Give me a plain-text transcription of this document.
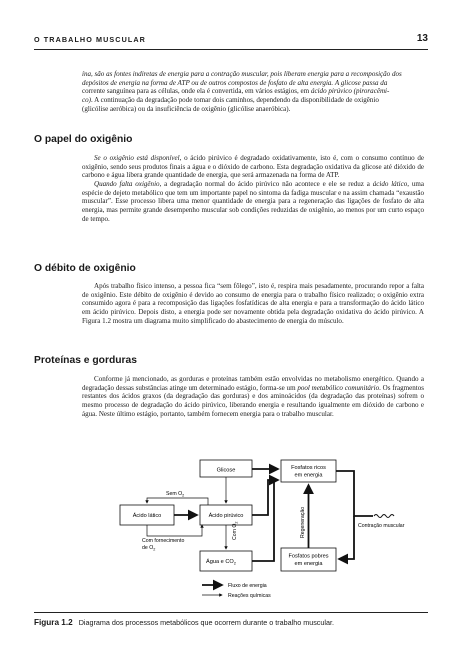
O TRABALHO MUSCULAR	13
ína, são as fontes indiretas de energia para a contração muscular, pois liberam energia para a recomposição dos
depósitos de energia na forma de ATP ou de outros compostos de fosfato de alta energia. A glicose passa da
corrente sanguínea para as células, onde ela é convertida, em vários estágios, em ácido pirúvico (piroracêmi-
co). A continuação da degradação pode tomar dois caminhos, dependendo da disponibilidade de oxigênio
(glicólise aeróbica) ou da insuficiência de oxigênio (glicólise anaeróbica).
O papel do oxigênio

Se o oxigênio está disponível, o ácido pirúvico é degradado oxidativamente, isto é, com o consumo contínuo de oxigênio, sendo seus produtos finais a água e o dióxido de carbono. Esta degradação oxidativa da glicose até dióxido de carbono e água libera grande quantidade de energia, que será armazenada na forma de ATP.

Quando falta oxigênio, a degradação normal do ácido pirúvico não acontece e ele se reduz a ácido lático, uma espécie de dejeto metabólico que tem um importante papel no sintoma da fadiga muscular e na assim chamada “exaustão muscular”. Esse processo libera uma menor quantidade de energia para a regeneração das ligações de fosfato de alta energia, mas permite grande desempenho muscular sob condições reduzidas de oxigênio, ao menos por um curto espaço de tempo.

O débito de oxigênio

Após trabalho físico intenso, a pessoa fica “sem fôlego”, isto é, respira mais pesadamente, procurando repor a falta de oxigênio. Este débito de oxigênio é devido ao consumo de energia para o trabalho físico realizado; o oxigênio extra consumido agora é para a recomposição das ligações fosfatídicas de alta energia e para a transformação do ácido lático em ácido pirúvico. Depois disto, a energia pode ser novamente obtida pela degradação oxidativa do ácido pirúvico. A Figura 1.2 mostra um diagrama muito simplificado do abastecimento de energia do músculo.

Proteínas e gorduras

Conforme já mencionado, as gorduras e proteínas também estão envolvidas no metabolismo energético. Quando a degradação dessas substâncias atinge um determinado estágio, forma-se um pool metabólico comunitário. Os fragmentos restantes dos ácidos graxos (da degradação das gorduras) e dos aminoácidos (da degradação das proteínas) sofrem o mesmo processo de degradação do ácido pirúvico, liberando energia e resultando igualmente em dióxido de carbono e água. Neste último estágio, portanto, também fornecem energia para o trabalho muscular.

Glicose	Fosfatos ricos
em energia
Ácido lático	Ácido pirúvico
Água e $CO_2$
Fosfatos pobres
em energia
Sem $O_2$
Com $O_2$
Com fornecimento
de $O_2$
Regeneração	Contração muscular
Fluxo de energia
Reações químicas
Figura 1.2 Diagrama dos processos metabólicos que ocorrem durante o trabalho muscular.
